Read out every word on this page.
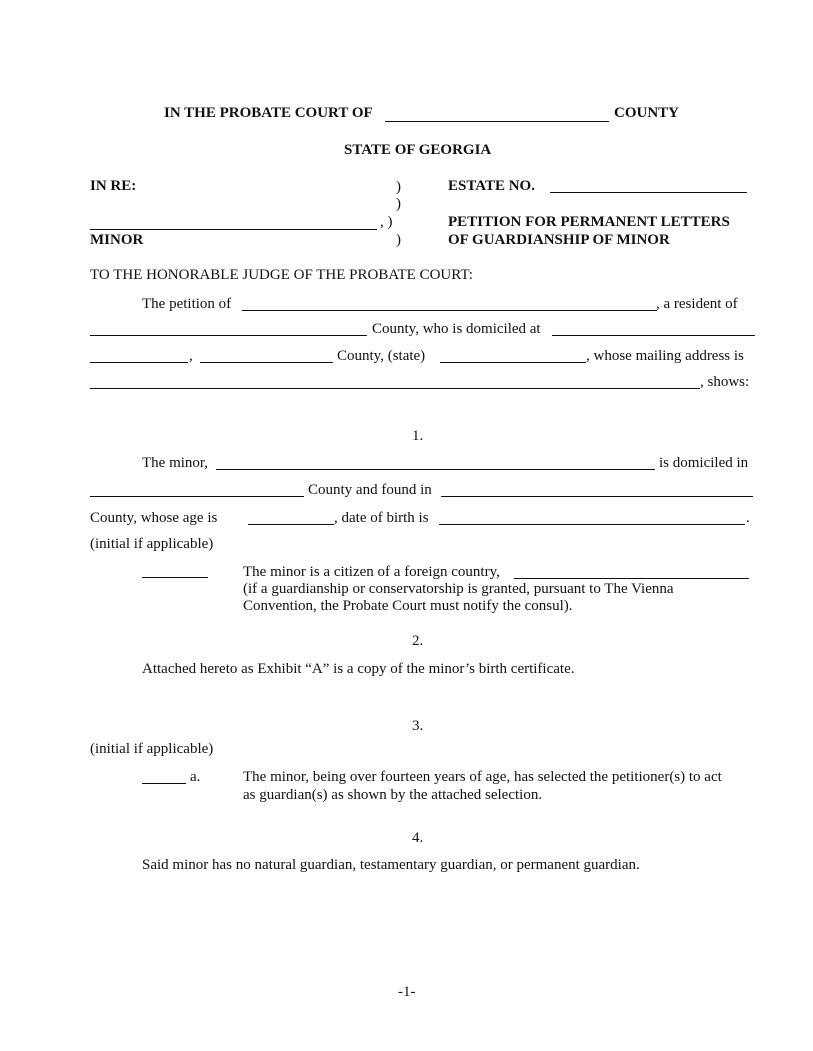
IN THE PROBATE COURT OF	COUNTY
STATE OF GEORGIA
IN RE:	)
)
, )
MINOR	)
ESTATE NO.
PETITION FOR PERMANENT LETTERS
OF GUARDIANSHIP OF MINOR
TO THE HONORABLE JUDGE OF THE PROBATE COURT:
The petition of	, a resident of
County, who is domiciled at
,	County, (state)	, whose mailing address is
, shows:
1.
The minor,	is domiciled in
County and found in
County, whose age is	, date of birth is	.
(initial if applicable)
The minor is a citizen of a foreign country,
(if a guardianship or conservatorship is granted, pursuant to The Vienna
Convention, the Probate Court must notify the consul).
2.
Attached hereto as Exhibit “A” is a copy of the minor’s birth certificate.
3.
(initial if applicable)
a.	The minor, being over fourteen years of age, has selected the petitioner(s) to act
as guardian(s) as shown by the attached selection.
4.
Said minor has no natural guardian, testamentary guardian, or permanent guardian.
-1-
